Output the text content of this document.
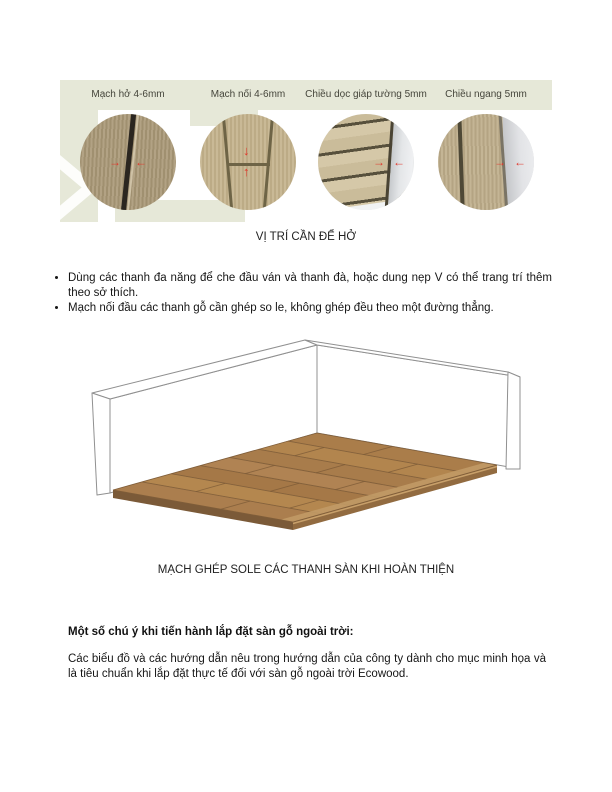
Mạch hở 4-6mm	Mạch nối 4-6mm	Chiều dọc giáp tường 5mm	Chiều ngang 5mm
→ ←
↓
↑
→ ←	→ ←
VỊ TRÍ CẦN ĐỂ HỞ
• Dùng các thanh đa năng để che đầu ván và thanh đà, hoặc dung nẹp V có thể trang trí thêm theo sở thích.
• Mạch nối đầu các thanh gỗ cần ghép so le, không ghép đều theo một đường thẳng.
MẠCH GHÉP SOLE CÁC THANH SÀN KHI HOÀN THIỆN
Một số chú ý khi tiến hành lắp đặt sàn gỗ ngoài trời:
Các biểu đồ và các hướng dẫn nêu trong hướng dẫn của công ty dành cho mục minh họa và là tiêu chuẩn khi lắp đặt thực tế đối với sàn gỗ ngoài trời Ecowood.
